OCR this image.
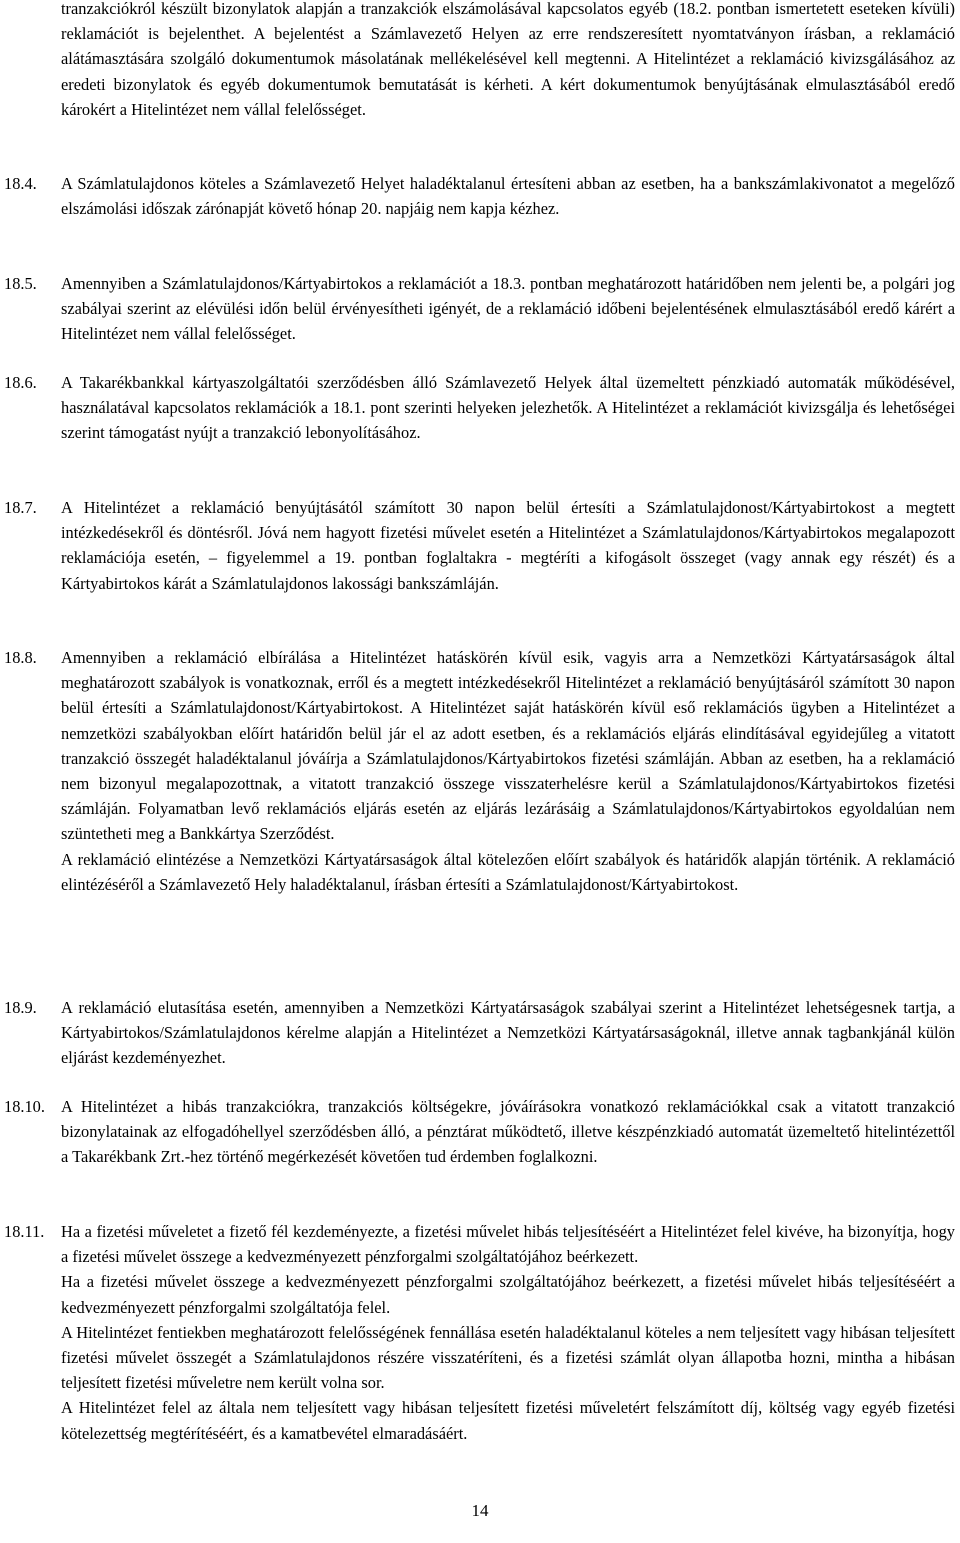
tranzakciókról készült bizonylatok alapján a tranzakciók elszámolásával kapcsolatos egyéb (18.2. pontban ismertetett eseteken kívüli) reklamációt is bejelenthet. A bejelentést a Számlavezető Helyen az erre rendszeresített nyomtatványon írásban, a reklamáció alátámasztására szolgáló dokumentumok másolatának mellékelésével kell megtenni. A Hitelintézet a reklamáció kivizsgálásához az eredeti bizonylatok és egyéb dokumentumok bemutatását is kérheti. A kért dokumentumok benyújtásának elmulasztásából eredő károkért a Hitelintézet nem vállal felelősséget.

18.4.	A Számlatulajdonos köteles a Számlavezető Helyet haladéktalanul értesíteni abban az esetben, ha a bankszámlakivonatot a megelőző elszámolási időszak zárónapját követő hónap 20. napjáig nem kapja kézhez.

18.5.	Amennyiben a Számlatulajdonos/Kártyabirtokos a reklamációt a 18.3. pontban meghatározott határidőben nem jelenti be, a polgári jog szabályai szerint az elévülési időn belül érvényesítheti igényét, de a reklamáció időbeni bejelentésének elmulasztásából eredő kárért a Hitelintézet nem vállal felelősséget.

18.6.	A Takarékbankkal kártyaszolgáltatói szerződésben álló Számlavezető Helyek által üzemeltett pénzkiadó automaták működésével, használatával kapcsolatos reklamációk a 18.1. pont szerinti helyeken jelezhetők. A Hitelintézet a reklamációt kivizsgálja és lehetőségei szerint támogatást nyújt a tranzakció lebonyolításához.

18.7.	A Hitelintézet a reklamáció benyújtásától számított 30 napon belül értesíti a Számlatulajdonost/Kártyabirtokost a megtett intézkedésekről és döntésről. Jóvá nem hagyott fizetési művelet esetén a Hitelintézet a Számlatulajdonos/Kártyabirtokos megalapozott reklamációja esetén, – figyelemmel a 19. pontban foglaltakra - megtéríti a kifogásolt összeget (vagy annak egy részét) és a Kártyabirtokos kárát a Számlatulajdonos lakossági bankszámláján.

18.8.	Amennyiben a reklamáció elbírálása a Hitelintézet hatáskörén kívül esik, vagyis arra a Nemzetközi Kártyatársaságok által meghatározott szabályok is vonatkoznak, erről és a megtett intézkedésekről Hitelintézet a reklamáció benyújtásáról számított 30 napon belül értesíti a Számlatulajdonost/Kártyabirtokost. A Hitelintézet saját hatáskörén kívül eső reklamációs ügyben a Hitelintézet a nemzetközi szabályokban előírt határidőn belül jár el az adott esetben, és a reklamációs eljárás elindításával egyidejűleg a vitatott tranzakció összegét haladéktalanul jóváírja a Számlatulajdonos/Kártyabirtokos fizetési számláján. Abban az esetben, ha a reklamáció nem bizonyul megalapozottnak, a vitatott tranzakció összege visszaterhelésre kerül a Számlatulajdonos/Kártyabirtokos fizetési számláján. Folyamatban levő reklamációs eljárás esetén az eljárás lezárásáig a Számlatulajdonos/Kártyabirtokos egyoldalúan nem szüntetheti meg a Bankkártya Szerződést.

A reklamáció elintézése a Nemzetközi Kártyatársaságok által kötelezően előírt szabályok és határidők alapján történik. A reklamáció elintézéséről a Számlavezető Hely haladéktalanul, írásban értesíti a Számlatulajdonost/Kártyabirtokost.

18.9.	A reklamáció elutasítása esetén, amennyiben a Nemzetközi Kártyatársaságok szabályai szerint a Hitelintézet lehetségesnek tartja, a Kártyabirtokos/Számlatulajdonos kérelme alapján a Hitelintézet a Nemzetközi Kártyatársaságoknál, illetve annak tagbankjánál külön eljárást kezdeményezhet.

18.10. A Hitelintézet a hibás tranzakciókra, tranzakciós költségekre, jóváírásokra vonatkozó reklamációkkal csak a vitatott tranzakció bizonylatainak az elfogadóhellyel szerződésben álló, a pénztárat működtető, illetve készpénzkiadó automatát üzemeltető hitelintézettől a Takarékbank Zrt.-hez történő megérkezését követően tud érdemben foglalkozni.

18.11.	Ha a fizetési műveletet a fizető fél kezdeményezte, a fizetési művelet hibás teljesítéséért a Hitelintézet felel kivéve, ha bizonyítja, hogy a fizetési művelet összege a kedvezményezett pénzforgalmi szolgáltatójához beérkezett.

Ha a fizetési művelet összege a kedvezményezett pénzforgalmi szolgáltatójához beérkezett, a fizetési művelet hibás teljesítéséért a kedvezményezett pénzforgalmi szolgáltatója felel.

A Hitelintézet fentiekben meghatározott felelősségének fennállása esetén haladéktalanul köteles a nem teljesített vagy hibásan teljesített fizetési művelet összegét a Számlatulajdonos részére visszatéríteni, és a fizetési számlát olyan állapotba hozni, mintha a hibásan teljesített fizetési műveletre nem került volna sor.

A Hitelintézet felel az általa nem teljesített vagy hibásan teljesített fizetési műveletért felszámított díj, költség vagy egyéb fizetési kötelezettség megtérítéséért, és a kamatbevétel elmaradásáért.

14
